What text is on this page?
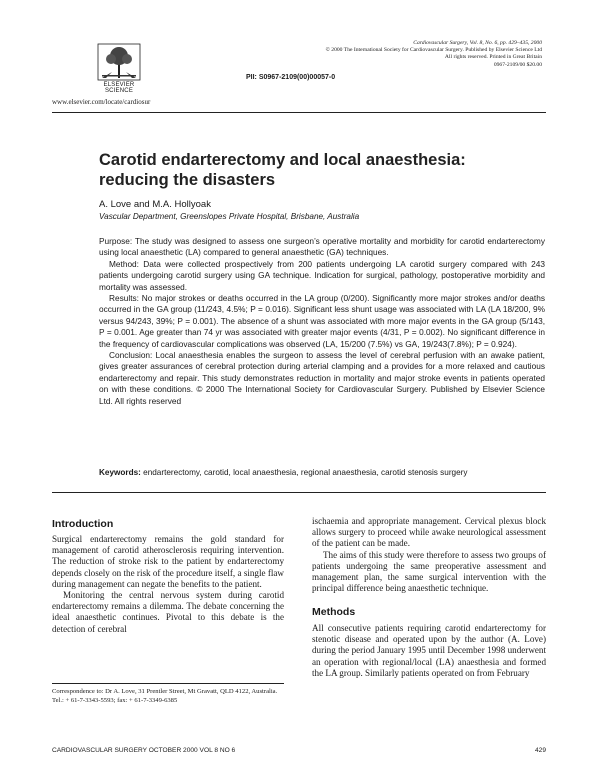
ELSEVIER SCIENCE
www.elsevier.com/locate/cardiosur
PII: S0967-2109(00)00057-0
Cardiovascular Surgery, Vol. 8, No. 6, pp. 429–435, 2000
© 2000 The International Society for Cardiovascular Surgery. Published by Elsevier Science Ltd
All rights reserved. Printed in Great Britain
0967-2109/00 $20.00
Carotid endarterectomy and local anaesthesia: reducing the disasters
A. Love and M.A. Hollyoak
Vascular Department, Greenslopes Private Hospital, Brisbane, Australia

Purpose: The study was designed to assess one surgeon’s operative mortality and morbidity for carotid endarterectomy using local anaesthetic (LA) compared to general anaesthetic (GA) techniques.

Method: Data were collected prospectively from 200 patients undergoing LA carotid surgery compared with 243 patients undergoing carotid surgery using GA technique. Indication for surgical, pathology, postoperative morbidity and mortality was assessed.

Results: No major strokes or deaths occurred in the LA group (0/200). Significantly more major strokes and/or deaths occurred in the GA group (11/243, 4.5%; P = 0.016). Significant less shunt usage was associated with LA (LA 18/200, 9% versus 94/243, 39%; P = 0.001). The absence of a shunt was associated with more major events in the GA group (5/143, P = 0.001. Age greater than 74 yr was associated with greater major events (4/31, P = 0.002). No significant difference in the frequency of cardiovascular complications was observed (LA, 15/200 (7.5%) vs GA, 19/243(7.8%); P = 0.924).

Conclusion: Local anaesthesia enables the surgeon to assess the level of cerebral perfusion with an awake patient, gives greater assurances of cerebral protection during arterial clamping and a provides for a more relaxed and cautious endarterectomy and repair. This study demonstrates reduction in mortality and major stroke events in patients operated on with these conditions. © 2000 The International Society for Cardiovascular Surgery. Published by Elsevier Science Ltd. All rights reserved

Keywords: endarterectomy, carotid, local anaesthesia, regional anaesthesia, carotid stenosis surgery
Introduction

Surgical endarterectomy remains the gold standard for management of carotid atherosclerosis requiring intervention. The reduction of stroke risk to the patient by endarterectomy depends closely on the risk of the procedure itself, a single flaw during management can negate the benefits to the patient.

Monitoring the central nervous system during carotid endarterectomy remains a dilemma. The debate concerning the ideal anaesthetic continues. Pivotal to this debate is the detection of cerebral

Correspondence to: Dr A. Love, 31 Prentler Street, Mt Gravatt, QLD 4122, Australia. Tel.: + 61-7-3343-5593; fax: + 61-7-3349-6385

ischaemia and appropriate management. Cervical plexus block allows surgery to proceed while awake neurological assessment of the patient can be made.

The aims of this study were therefore to assess two groups of patients undergoing the same preoperative assessment and management plan, the same surgical intervention with the principal difference being anaesthetic technique.

Methods

All consecutive patients requiring carotid endarterectomy for stenotic disease and operated upon by the author (A. Love) during the period January 1995 until December 1998 underwent an operation with regional/local (LA) anaesthesia and formed the LA group. Similarly patients operated on from February

CARDIOVASCULAR SURGERY OCTOBER 2000 VOL 8 NO 6	429
